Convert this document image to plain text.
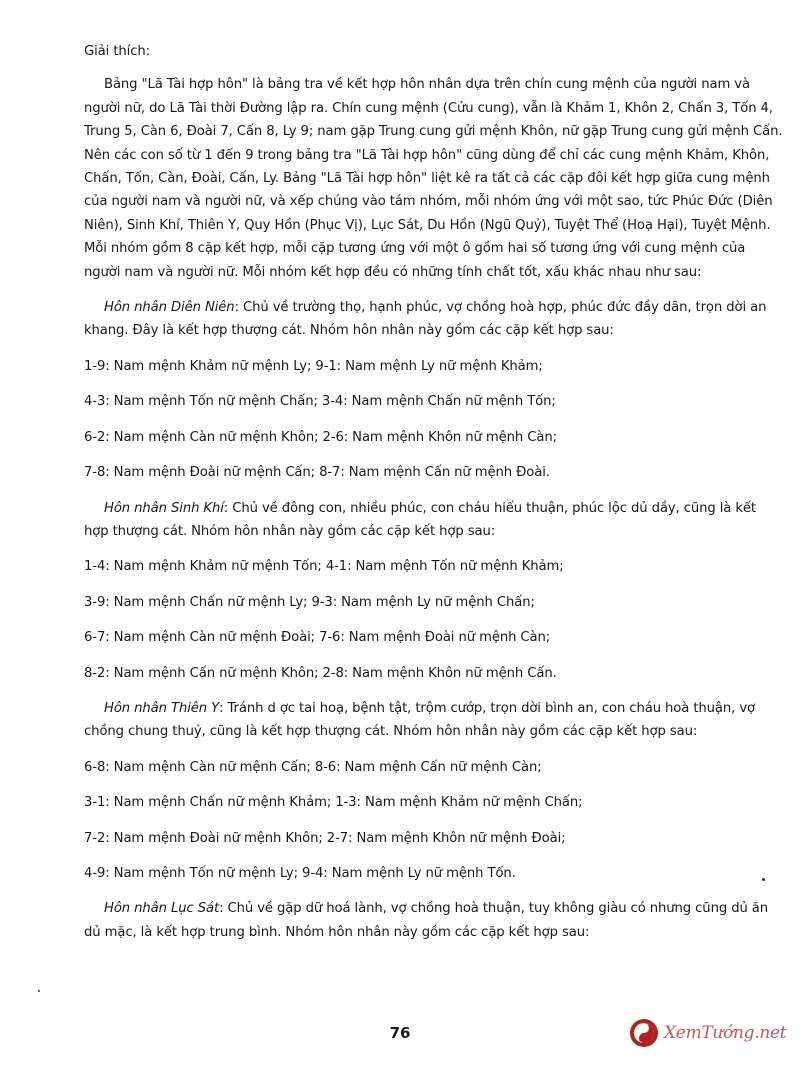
Giải thích:

Bảng "Lã Tài hợp hôn" là bảng tra về kết hợp hôn nhân dựa trên chín cung mệnh của người nam và người nữ, do Lã Tài thời Đường lập ra. Chín cung mệnh (Cửu cung), vẫn là Khảm 1, Khôn 2, Chấn 3, Tốn 4, Trung 5, Càn 6, Đoài 7, Cấn 8, Ly 9; nam gặp Trung cung gửi mệnh Khôn, nữ gặp Trung cung gửi mệnh Cấn. Nên các con số từ 1 đến 9 trong bảng tra "Lã Tài hợp hôn" cũng dùng để chỉ các cung mệnh Khảm, Khôn, Chấn, Tốn, Càn, Đoài, Cấn, Ly. Bảng "Lã Tài hợp hôn" liệt kê ra tất cả các cặp đôi kết hợp giữa cung mệnh của người nam và người nữ, và xếp chúng vào tám nhóm, mỗi nhóm ứng với một sao, tức Phúc Đức (Diên Niên), Sinh Khí, Thiên Y, Quy Hồn (Phục Vị), Lục Sát, Du Hồn (Ngũ Quỷ), Tuyệt Thể (Hoạ Hại), Tuyệt Mệnh. Mỗi nhóm gồm 8 cặp kết hợp, mỗi cặp tương ứng với một ô gồm hai số tương ứng với cung mệnh của người nam và người nữ. Mỗi nhóm kết hợp đều có những tính chất tốt, xấu khác nhau như sau:

Hôn nhân Diên Niên: Chủ về trường thọ, hạnh phúc, vợ chồng hoà hợp, phúc đức đầy dãn, trọn dời an khang. Đây là kết hợp thượng cát. Nhóm hôn nhân này gồm các cặp kết hợp sau:

1-9: Nam mệnh Khảm nữ mệnh Ly; 9-1: Nam mệnh Ly nữ mệnh Khảm;

4-3: Nam mệnh Tốn nữ mệnh Chấn; 3-4: Nam mệnh Chấn nữ mệnh Tốn;

6-2: Nam mệnh Càn nữ mệnh Khôn; 2-6: Nam mệnh Khôn nữ mệnh Càn;

7-8: Nam mệnh Đoài nữ mệnh Cấn; 8-7: Nam mệnh Cấn nữ mệnh Đoài.

Hôn nhân Sinh Khí: Chủ về đông con, nhiều phúc, con cháu hiếu thuận, phúc lộc dủ dầy, cũng là kết hợp thượng cát. Nhóm hôn nhân này gồm các cặp kết hợp sau:

1-4: Nam mệnh Khảm nữ mệnh Tốn; 4-1: Nam mệnh Tốn nữ mệnh Khảm;

3-9: Nam mệnh Chấn nữ mệnh Ly; 9-3: Nam mệnh Ly nữ mệnh Chấn;

6-7: Nam mệnh Càn nữ mệnh Đoài; 7-6: Nam mệnh Đoài nữ mệnh Càn;

8-2: Nam mệnh Cấn nữ mệnh Khôn; 2-8: Nam mệnh Khôn nữ mệnh Cấn.

Hôn nhân Thiên Y: Tránh d ợc tai hoạ, bệnh tật, trộm cướp, trọn dời bình an, con cháu hoà thuận, vợ chồng chung thuỷ, cũng là kết hợp thượng cát. Nhóm hôn nhân này gồm các cặp kết hợp sau:

6-8: Nam mệnh Càn nữ mệnh Cấn; 8-6: Nam mệnh Cấn nữ mệnh Càn;

3-1: Nam mệnh Chấn nữ mệnh Khảm; 1-3: Nam mệnh Khảm nữ mệnh Chấn;

7-2: Nam mệnh Đoài nữ mệnh Khôn; 2-7: Nam mệnh Khôn nữ mệnh Đoài;

4-9: Nam mệnh Tốn nữ mệnh Ly; 9-4: Nam mệnh Ly nữ mệnh Tốn.

Hôn nhân Lục Sát: Chủ về gặp dữ hoá lành, vợ chồng hoà thuận, tuy không giàu có nhưng cũng dủ ăn dủ mặc, là kết hợp trung bình. Nhóm hôn nhân này gồm các cặp kết hợp sau:

76	XemTướng.net
